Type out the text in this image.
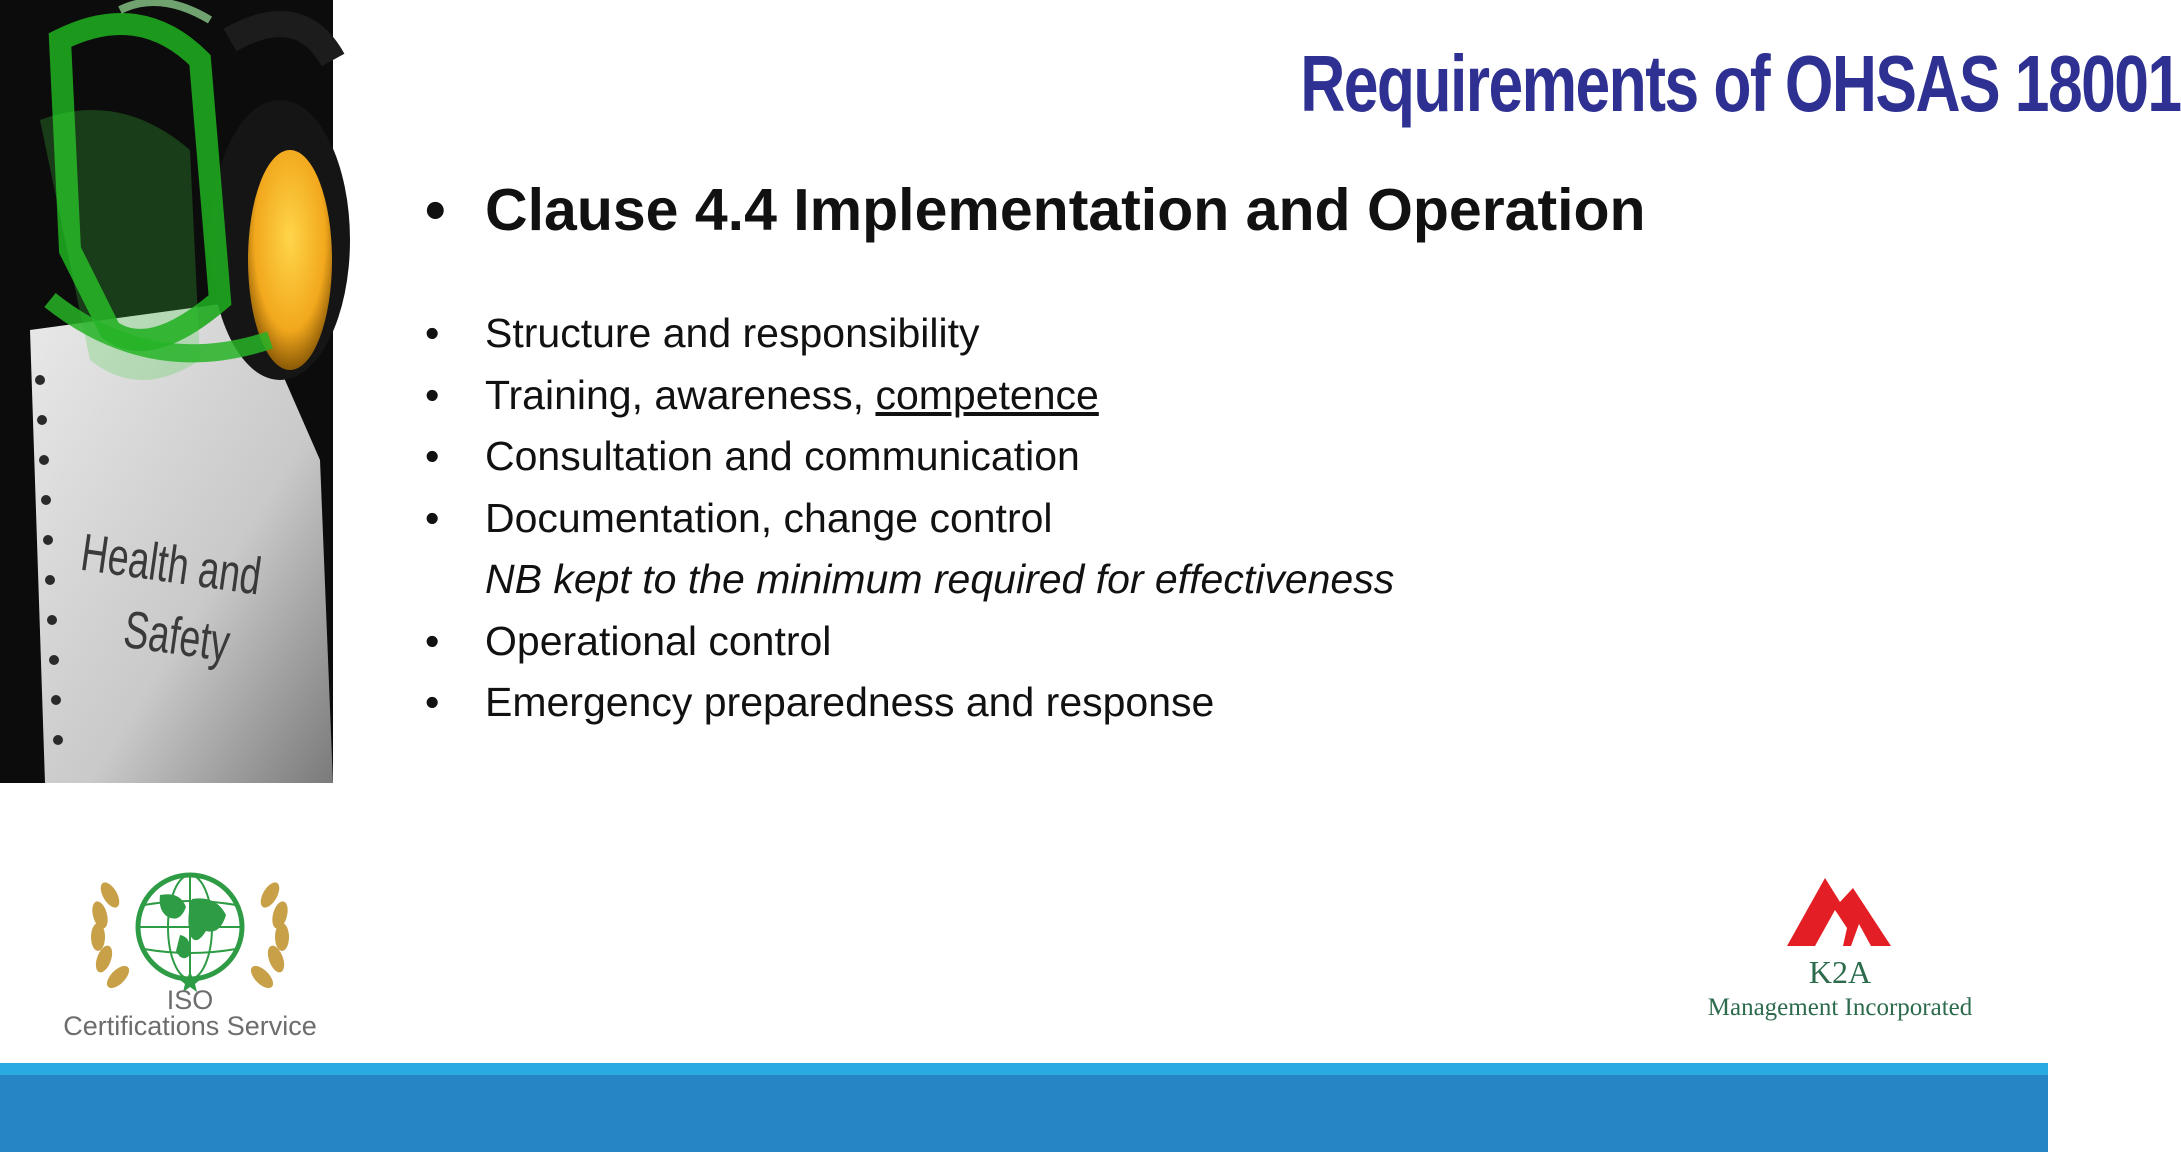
Health and
Safety
Requirements of OHSAS 18001
• Clause 4.4 Implementation and Operation
• Structure and responsibility
• Training, awareness, competence
• Consultation and communication
• Documentation, change control
NB kept to the minimum required for effectiveness
• Operational control
• Emergency preparedness and response
ISO
Certifications Service
K2A
Management Incorporated
